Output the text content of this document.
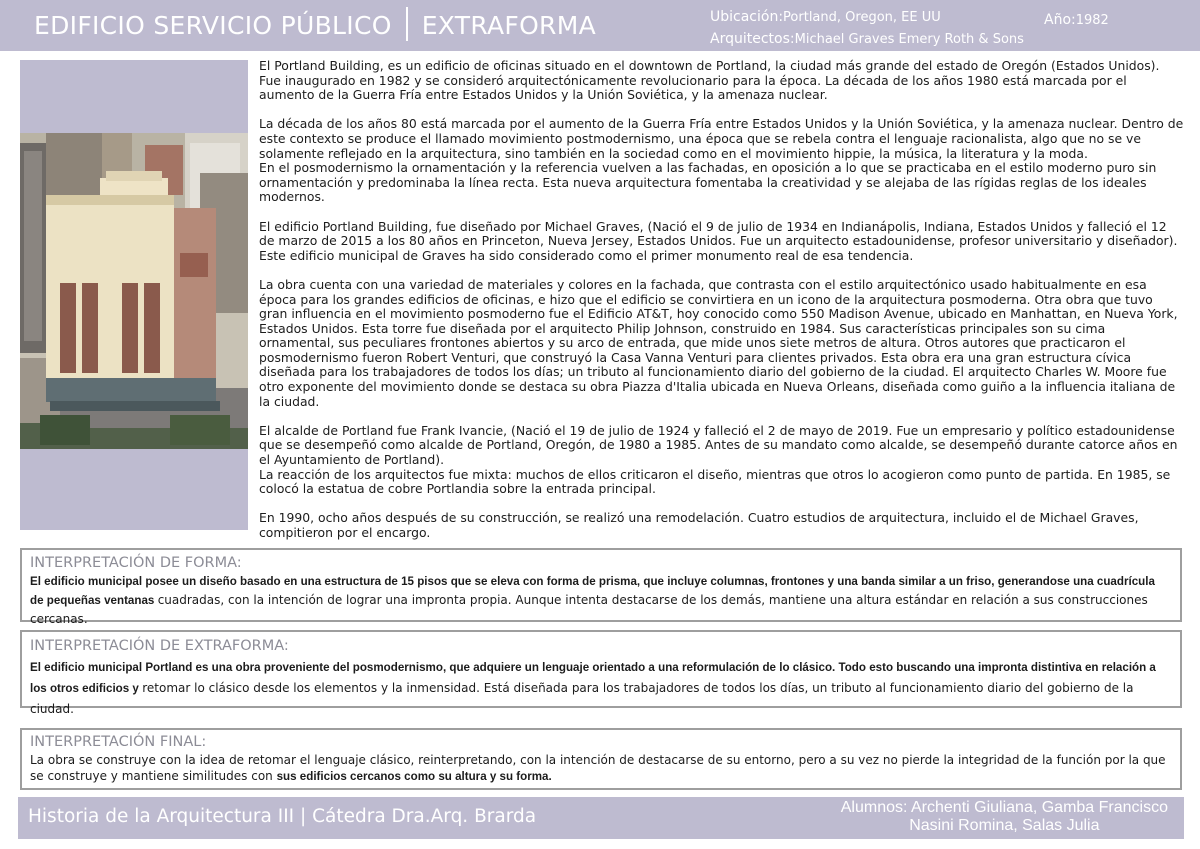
EDIFICIO SERVICIO PÚBLICO EXTRAFORMA	Ubicación:Portland, Oregon, EE UU
Arquitectos:Michael Graves Emery Roth & Sons
Año:1982

El Portland Building, es un edificio de oficinas situado en el downtown de Portland, la ciudad más grande del estado de Oregón (Estados Unidos). Fue inaugurado en 1982 y se consideró arquitectónicamente revolucionario para la época. La década de los años 1980 está marcada por el aumento de la Guerra Fría entre Estados Unidos y la Unión Soviética, y la amenaza nuclear.

La década de los años 80 está marcada por el aumento de la Guerra Fría entre Estados Unidos y la Unión Soviética, y la amenaza nuclear. Dentro de este contexto se produce el llamado movimiento postmodernismo, una época que se rebela contra el lenguaje racionalista, algo que no se ve solamente reflejado en la arquitectura, sino también en la sociedad como en el movimiento hippie, la música, la literatura y la moda.
En el posmodernismo la ornamentación y la referencia vuelven a las fachadas, en oposición a lo que se practicaba en el estilo moderno puro sin ornamentación y predominaba la línea recta. Esta nueva arquitectura fomentaba la creatividad y se alejaba de las rígidas reglas de los ideales modernos.

El edificio Portland Building, fue diseñado por Michael Graves, (Nació el 9 de julio de 1934 en Indianápolis, Indiana, Estados Unidos y falleció el 12 de marzo de 2015 a los 80 años en Princeton, Nueva Jersey, Estados Unidos. Fue un arquitecto estadounidense, profesor universitario y diseñador).
Este edificio municipal de Graves ha sido considerado como el primer monumento real de esa tendencia.

La obra cuenta con una variedad de materiales y colores en la fachada, que contrasta con el estilo arquitectónico usado habitualmente en esa época para los grandes edificios de oficinas, e hizo que el edificio se convirtiera en un icono de la arquitectura posmoderna. Otra obra que tuvo gran influencia en el movimiento posmoderno fue el Edificio AT&T, hoy conocido como 550 Madison Avenue, ubicado en Manhattan, en Nueva York, Estados Unidos. Esta torre fue diseñada por el arquitecto Philip Johnson, construido en 1984. Sus características principales son su cima ornamental, sus peculiares frontones abiertos y su arco de entrada, que mide unos siete metros de altura. Otros autores que practicaron el posmodernismo fueron Robert Venturi, que construyó la Casa Vanna Venturi para clientes privados. Esta obra era una gran estructura cívica diseñada para los trabajadores de todos los días; un tributo al funcionamiento diario del gobierno de la ciudad. El arquitecto Charles W. Moore fue otro exponente del movimiento donde se destaca su obra Piazza d'Italia ubicada en Nueva Orleans, diseñada como guiño a la influencia italiana de la ciudad.

El alcalde de Portland fue Frank Ivancie, (Nació el 19 de julio de 1924 y falleció el 2 de mayo de 2019. Fue un empresario y político estadounidense que se desempeñó como alcalde de Portland, Oregón, de 1980 a 1985. Antes de su mandato como alcalde, se desempeñó durante catorce años en el Ayuntamiento de Portland).
La reacción de los arquitectos fue mixta: muchos de ellos criticaron el diseño, mientras que otros lo acogieron como punto de partida. En 1985, se colocó la estatua de cobre Portlandia sobre la entrada principal.

En 1990, ocho años después de su construcción, se realizó una remodelación. Cuatro estudios de arquitectura, incluido el de Michael Graves, compitieron por el encargo.

INTERPRETACIÓN DE FORMA:
El edificio municipal posee un diseño basado en una estructura de 15 pisos que se eleva con forma de prisma, que incluye columnas, frontones y una banda similar a un friso, generandose una cuadrícula de pequeñas ventanas cuadradas, con la intención de lograr una impronta propia. Aunque intenta destacarse de los demás, mantiene una altura estándar en relación a sus construcciones cercanas.
INTERPRETACIÓN DE EXTRAFORMA:
El edificio municipal Portland es una obra proveniente del posmodernismo, que adquiere un lenguaje orientado a una reformulación de lo clásico. Todo esto buscando una impronta distintiva en relación a los otros edificios y retomar lo clásico desde los elementos y la inmensidad. Está diseñada para los trabajadores de todos los días, un tributo al funcionamiento diario del gobierno de la ciudad.
INTERPRETACIÓN FINAL:
La obra se construye con la idea de retomar el lenguaje clásico, reinterpretando, con la intención de destacarse de su entorno, pero a su vez no pierde la integridad de la función por la que se construye y mantiene similitudes con sus edificios cercanos como su altura y su forma.
Historia de la Arquitectura III | Cátedra Dra.Arq. Brarda	Alumnos: Archenti Giuliana, Gamba Francisco
Nasini Romina, Salas Julia
